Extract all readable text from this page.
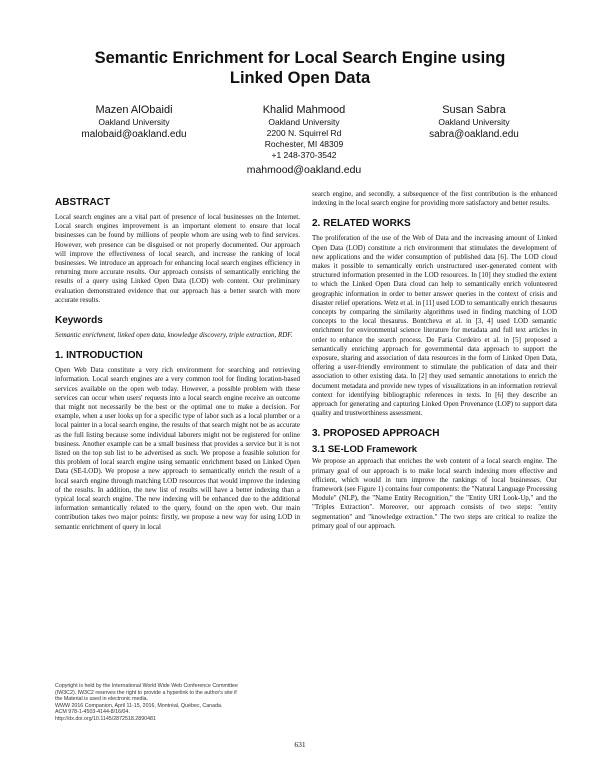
Semantic Enrichment for Local Search Engine using
Linked Open Data
Mazen AlObaidi
Oakland University
malobaid@oakland.edu
Khalid Mahmood
Oakland University
2200 N. Squirrel Rd
Rochester, MI 48309
+1 248-370-3542
mahmood@oakland.edu
Susan Sabra
Oakland University
sabra@oakland.edu
ABSTRACT

Local search engines are a vital part of presence of local businesses on the Internet. Local search engines improvement is an important element to ensure that local businesses can be found by millions of people whom are using web to find services. However, web presence can be disguised or not properly documented. Our approach will improve the effectiveness of local search, and increase the ranking of local businesses. We introduce an approach for enhancing local search engines efficiency in returning more accurate results. Our approach consists of semantically enriching the results of a query using Linked Open Data (LOD) web content. Our preliminary evaluation demonstrated evidence that our approach has a better search with more accurate results.

Keywords

Semantic enrichment, linked open data, knowledge discovery, triple extraction, RDF.

1. INTRODUCTION

Open Web Data constitute a very rich environment for searching and retrieving information. Local search engines are a very common tool for finding location-based services available on the open web today. However, a possible problem with these services can occur when users' requests into a local search engine receive an outcome that might not necessarily be the best or the optimal one to make a decision. For example, when a user looks up for a specific type of labor such as a local plumber or a local painter in a local search engine, the results of that search might not be as accurate as the full listing because some individual laborers might not be registered for online business. Another example can be a small business that provides a service but it is not listed on the top sub list to be advertised as such. We propose a feasible solution for this problem of local search engine using semantic enrichment based on Linked Open Data (SE-LOD). We propose a new approach to semantically enrich the result of a local search engine through matching LOD resources that would improve the indexing of the results. In addition, the new list of results will have a better indexing than a typical local search engine. The new indexing will be enhanced due to the additional information semantically related to the query, found on the open web. Our main contribution takes two major points: firstly, we propose a new way for using LOD in semantic enrichment of query in local

search engine, and secondly, a subsequence of the first contribution is the enhanced indexing in the local search engine for providing more satisfactory and better results.

2. RELATED WORKS

The proliferation of the use of the Web of Data and the increasing amount of Linked Open Data (LOD) constitute a rich environment that stimulates the development of new applications and the wider consumption of published data [6]. The LOD cloud makes it possible to semantically enrich unstructured user-generated content with structured information presented in the LOD resources. In [10] they studied the extent to which the Linked Open Data cloud can help to semantically enrich volunteered geographic information in order to better answer queries in the context of crisis and disaster relief operations. Wetz et al. in [11] used LOD to semantically enrich thesaurus concepts by comparing the similarity algorithms used in finding matching of LOD concepts to the local thesaurus. Bontcheva et al. in [3, 4] used LOD semantic enrichment for environmental science literature for metadata and full text articles in order to enhance the search process. De Faria Cordeiro et al. in [5] proposed a semantically enriching approach for governmental data approach to support the exposure, sharing and association of data resources in the form of Linked Open Data, offering a user-friendly environment to stimulate the publication of data and their association to other existing data. In [2] they used semantic annotations to enrich the document metadata and provide new types of visualizations in an information retrieval context for identifying bibliographic references in texts. In [6] they describe an approach for generating and capturing Linked Open Provenance (LOP) to support data quality and trustworthiness assessment.

3. PROPOSED APPROACH
3.1 SE-LOD Framework

We propose an approach that enriches the web content of a local search engine. The primary goal of our approach is to make local search indexing more effective and efficient, which would in turn improve the rankings of local businesses. Our framework (see Figure 1) contains four components: the "Natural Language Processing Module" (NLP), the "Name Entity Recognition," the "Entity URI Look-Up," and the "Triples Extraction". Moreover, our approach consists of two steps: "entity segmentation" and "knowledge extraction." The two steps are critical to realize the primary goal of our approach.

Copyright is held by the International World Wide Web Conference Committee
(IW3C2). IW3C2 reserves the right to provide a hyperlink to the author's site if
the Material is used in electronic media.
WWW 2016 Companion, April 11-15, 2016, Montréal, Québec, Canada.
ACM 978-1-4503-4144-8/16/04.
http://dx.doi.org/10.1145/2872518.2890481
631
